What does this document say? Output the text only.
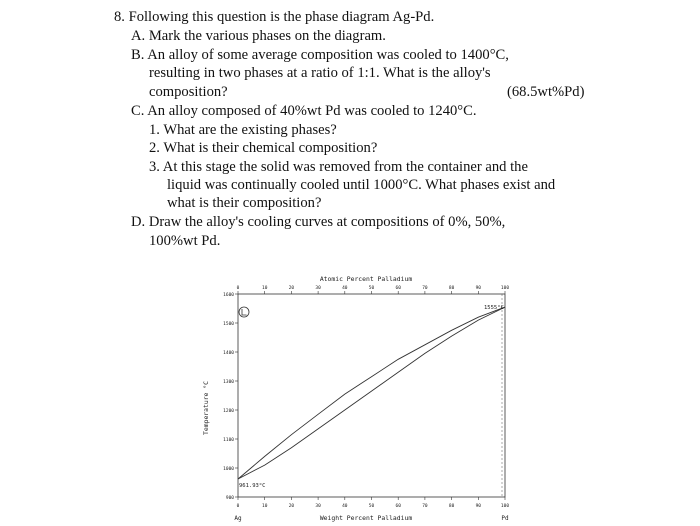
8. Following this question is the phase diagram Ag-Pd.
A. Mark the various phases on the diagram.
B. An alloy of some average composition was cooled to 1400°C,
resulting in two phases at a ratio of 1:1. What is the alloy's
composition?	(68.5wt%Pd)
C. An alloy composed of 40%wt Pd was cooled to 1240°C.
1. What are the existing phases?
2. What is their chemical composition?
3. At this stage the solid was removed from the container and the
liquid was continually cooled until 1000°C. What phases exist and
what is their composition?
D. Draw the alloy's cooling curves at compositions of 0%, 50%,
100%wt Pd.
900
1000
1100
1200
1300
1400
1500
1600
0	10	20	30	40	50	60	70	80	90	100
0	10	20	30	40	50	60	70	80	90	100
Atomic Percent Palladium
Weight Percent Palladium
Temperature °C
Ag	Pd
961.93°C
1555°C
